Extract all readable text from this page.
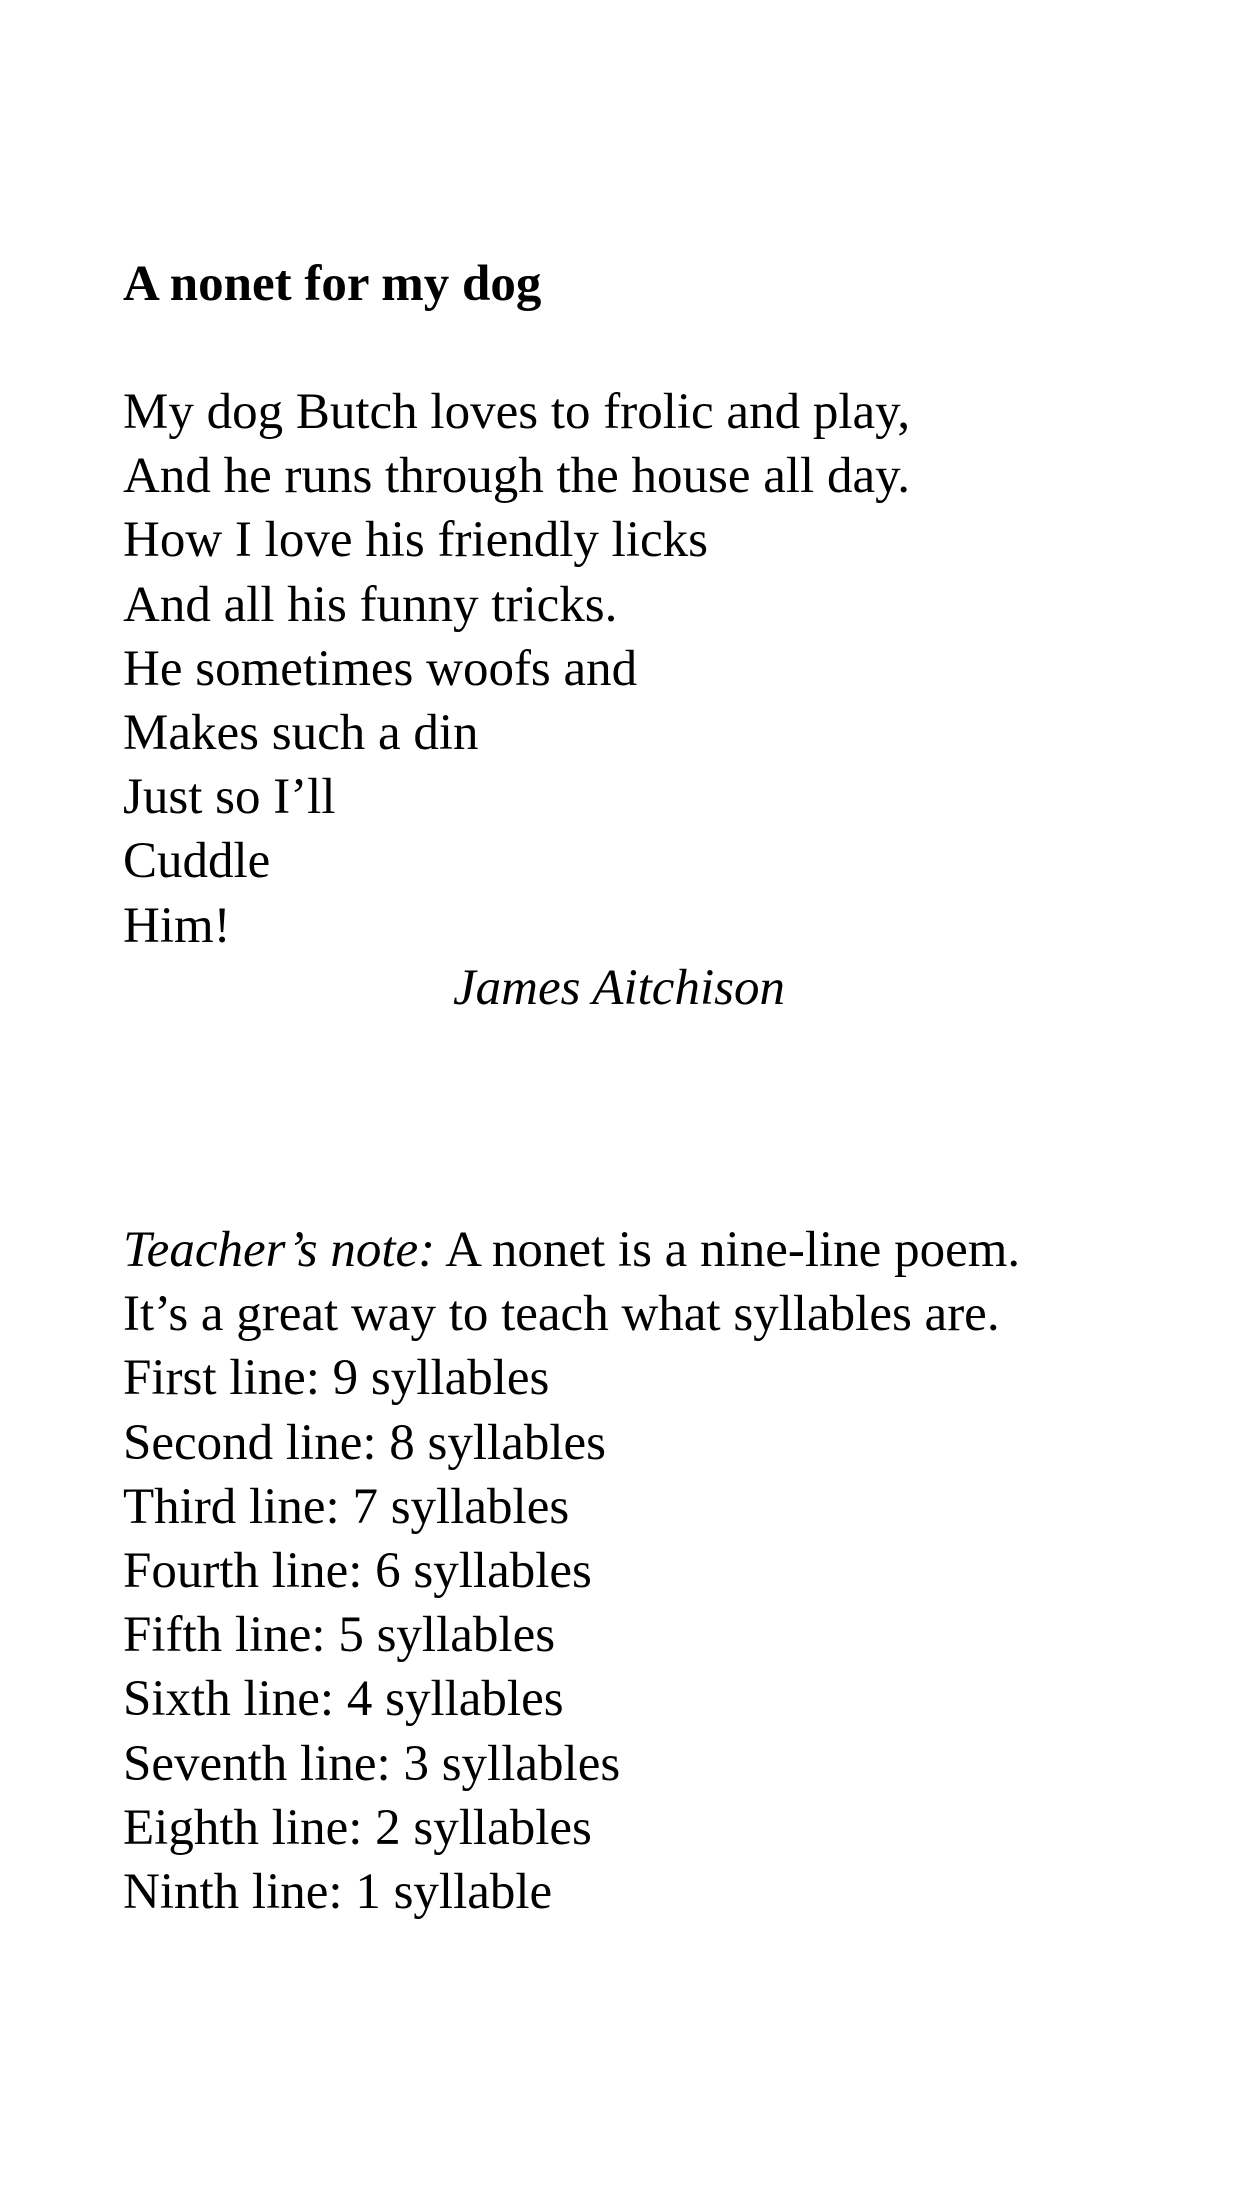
A nonet for my dog
My dog Butch loves to frolic and play,
And he runs through the house all day.
How I love his friendly licks
And all his funny tricks.
He sometimes woofs and
Makes such a din
Just so I’ll
Cuddle
Him!
James Aitchison
Teacher’s note: A nonet is a nine-line poem.
It’s a great way to teach what syllables are.
First line: 9 syllables
Second line: 8 syllables
Third line: 7 syllables
Fourth line: 6 syllables
Fifth line: 5 syllables
Sixth line: 4 syllables
Seventh line: 3 syllables
Eighth line: 2 syllables
Ninth line: 1 syllable
